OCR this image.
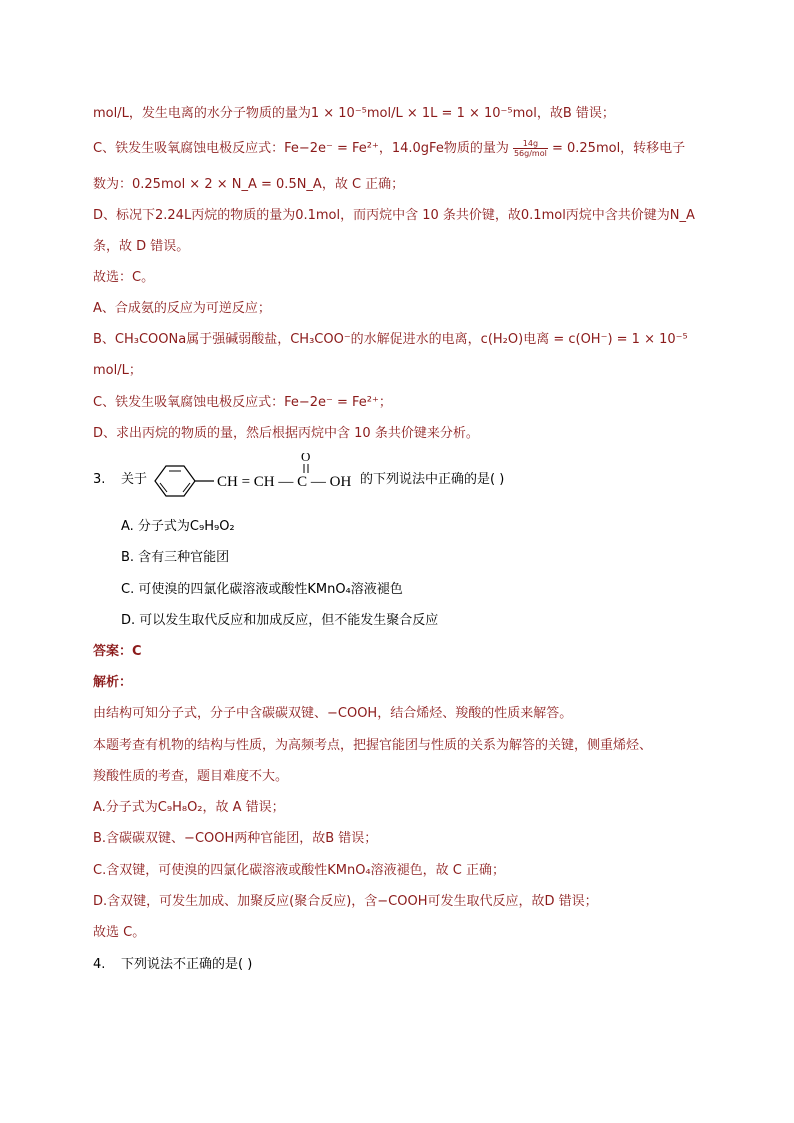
mol/L，发生电离的水分子物质的量为1 × 10⁻⁵mol/L × 1L = 1 × 10⁻⁵mol，故B 错误；
C、铁发生吸氧腐蚀电极反应式：Fe−2e⁻ = Fe²⁺，14.0gFe物质的量为 $\frac{14g}{\text{56g/mol}} = 0.25mol$，转移电子
数为：0.25mol × 2 × N_A = 0.5N_A，故 C 正确；
D、标况下2.24L丙烷的物质的量为0.1mol，而丙烷中含 10 条共价键，故0.1mol丙烷中含共价键为N_A
条，故 D 错误。
故选：C。
A、合成氨的反应为可逆反应；
B、CH₃COONa属于强碱弱酸盐，CH₃COO⁻的水解促进水的电离，c(H₂O)电离 = c(OH⁻) = 1 × 10⁻⁵
mol/L；
C、铁发生吸氧腐蚀电极反应式：Fe−2e⁻ = Fe²⁺；
D、求出丙烷的物质的量，然后根据丙烷中含 10 条共价键来分析。
3. 关于	CH = CH — C — OH
O
的下列说法中正确的是( )
A. 分子式为C₉H₉O₂
B. 含有三种官能团
C. 可使溴的四氯化碳溶液或酸性KMnO₄溶液褪色
D. 可以发生取代反应和加成反应，但不能发生聚合反应
答案：C
解析：
由结构可知分子式，分子中含碳碳双键、−COOH，结合烯烃、羧酸的性质来解答。
本题考查有机物的结构与性质，为高频考点，把握官能团与性质的关系为解答的关键，侧重烯烃、
羧酸性质的考查，题目难度不大。
A.分子式为C₉H₈O₂，故 A 错误；
B.含碳碳双键、−COOH两种官能团，故B 错误；
C.含双键，可使溴的四氯化碳溶液或酸性KMnO₄溶液褪色，故 C 正确；
D.含双键，可发生加成、加聚反应(聚合反应)，含−COOH可发生取代反应，故D 错误；
故选 C。
4. 下列说法不正确的是( )
